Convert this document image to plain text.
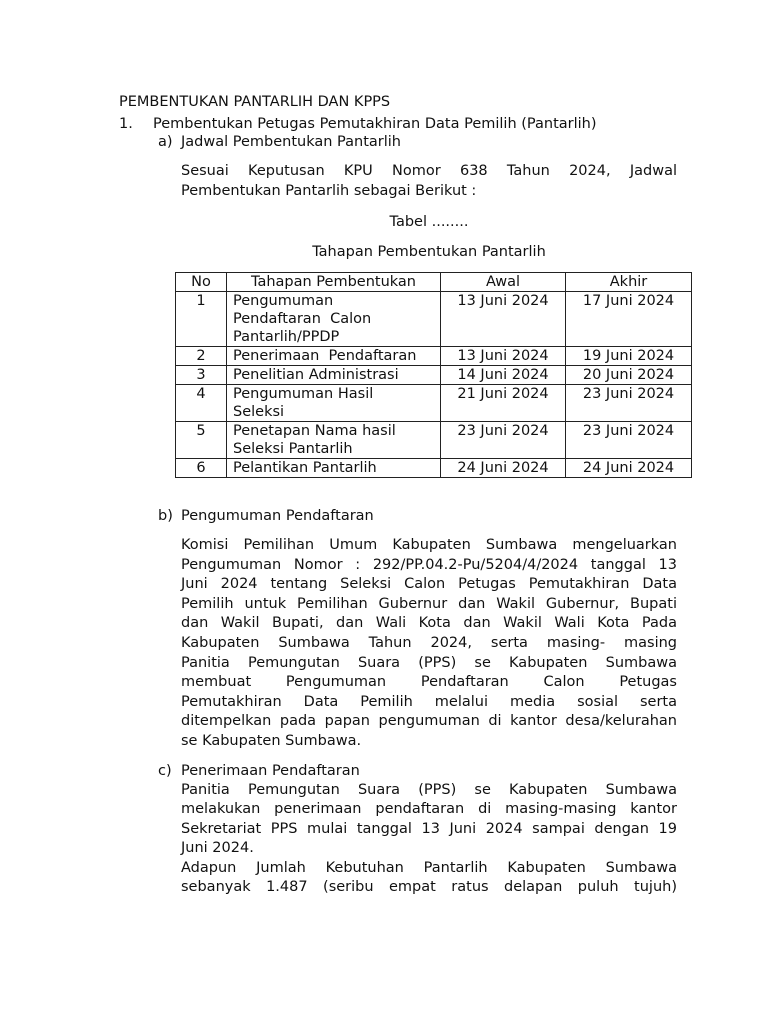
PEMBENTUKAN PANTARLIH DAN KPPS
1. Pembentukan Petugas Pemutakhiran Data Pemilih (Pantarlih)
a) Jadwal Pembentukan Pantarlih
Sesuai Keputusan KPU Nomor 638 Tahun 2024, Jadwal
Pembentukan Pantarlih sebagai Berikut :
Tabel ........
Tahapan Pembentukan Pantarlih
No	Tahapan Pembentukan	Awal	Akhir
1	Pengumuman
Pendaftaran  Calon
Pantarlih/PPDP	13 Juni 2024	17 Juni 2024
2	Penerimaan  Pendaftaran	13 Juni 2024	19 Juni 2024
3	Penelitian Administrasi	14 Juni 2024	20 Juni 2024
4	Pengumuman Hasil
Seleksi	21 Juni 2024	23 Juni 2024
5	Penetapan Nama hasil
Seleksi Pantarlih	23 Juni 2024	23 Juni 2024
6	Pelantikan Pantarlih	24 Juni 2024	24 Juni 2024
b) Pengumuman Pendaftaran
Komisi Pemilihan Umum Kabupaten Sumbawa mengeluarkan
Pengumuman Nomor : 292/PP.04.2-Pu/5204/4/2024 tanggal 13
Juni 2024 tentang Seleksi Calon Petugas Pemutakhiran Data
Pemilih untuk Pemilihan Gubernur dan Wakil Gubernur, Bupati
dan Wakil Bupati, dan Wali Kota dan Wakil Wali Kota Pada
Kabupaten Sumbawa Tahun 2024, serta masing- masing
Panitia Pemungutan Suara (PPS) se Kabupaten Sumbawa
membuat Pengumuman Pendaftaran Calon Petugas
Pemutakhiran Data Pemilih melalui media sosial serta
ditempelkan pada papan pengumuman di kantor desa/kelurahan
se Kabupaten Sumbawa.
c) Penerimaan Pendaftaran
Panitia Pemungutan Suara (PPS) se Kabupaten Sumbawa
melakukan penerimaan pendaftaran di masing-masing kantor
Sekretariat PPS mulai tanggal 13 Juni 2024 sampai dengan 19
Juni 2024.
Adapun Jumlah Kebutuhan Pantarlih Kabupaten Sumbawa
sebanyak 1.487 (seribu empat ratus delapan puluh tujuh)
